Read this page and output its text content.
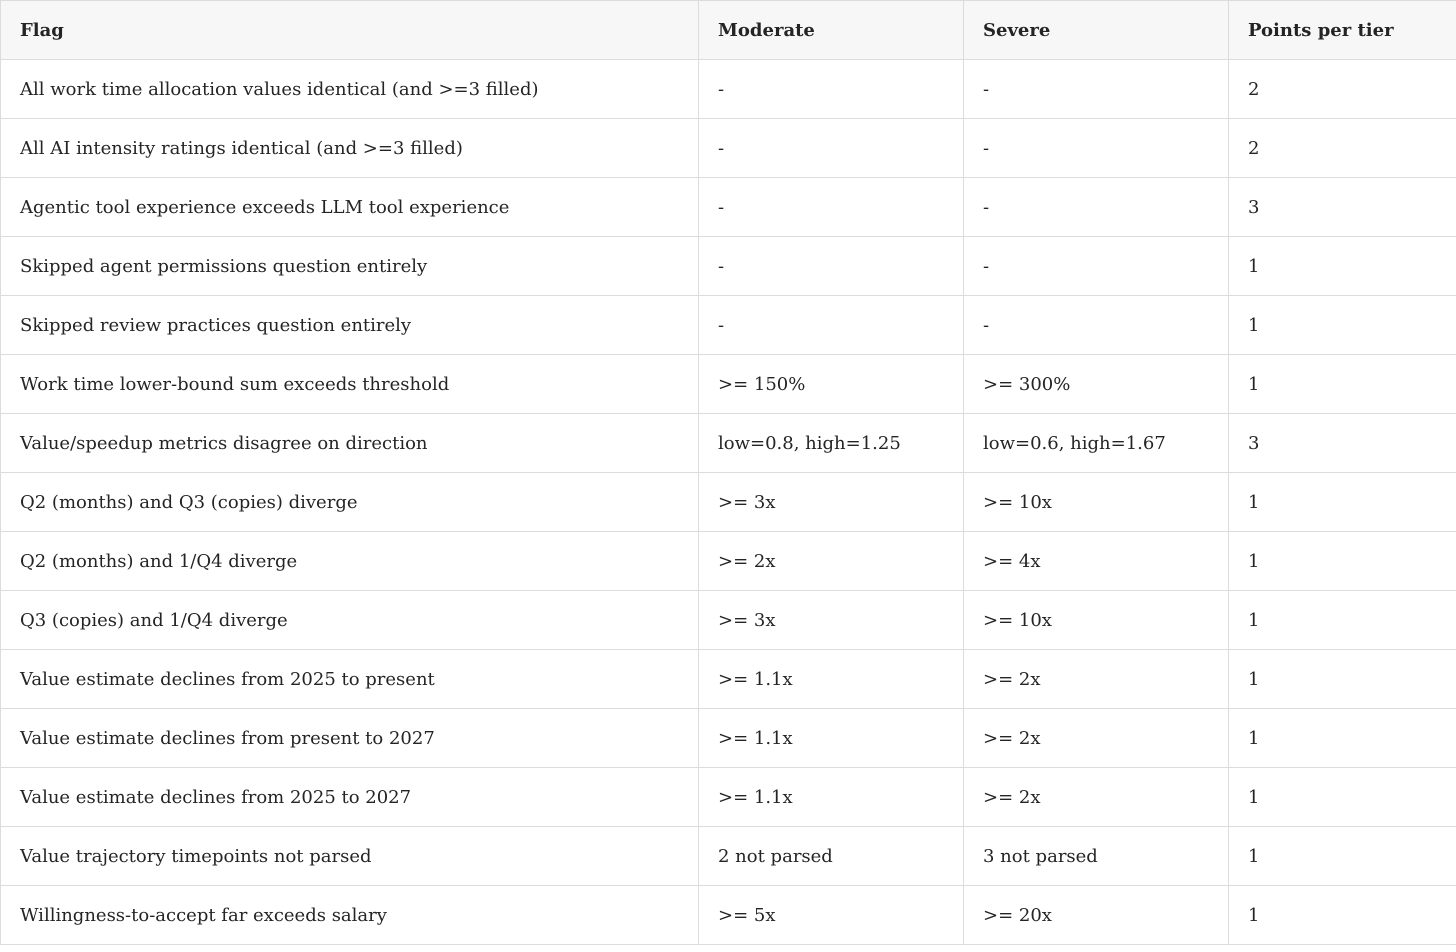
Flag	Moderate	Severe	Points per tier
All work time allocation values identical (and >=3 filled)	-	-	2
All AI intensity ratings identical (and >=3 filled)	-	-	2
Agentic tool experience exceeds LLM tool experience	-	-	3
Skipped agent permissions question entirely	-	-	1
Skipped review practices question entirely	-	-	1
Work time lower-bound sum exceeds threshold	>= 150%	>= 300%	1
Value/speedup metrics disagree on direction	low=0.8, high=1.25	low=0.6, high=1.67	3
Q2 (months) and Q3 (copies) diverge	>= 3x	>= 10x	1
Q2 (months) and 1/Q4 diverge	>= 2x	>= 4x	1
Q3 (copies) and 1/Q4 diverge	>= 3x	>= 10x	1
Value estimate declines from 2025 to present	>= 1.1x	>= 2x	1
Value estimate declines from present to 2027	>= 1.1x	>= 2x	1
Value estimate declines from 2025 to 2027	>= 1.1x	>= 2x	1
Value trajectory timepoints not parsed	2 not parsed	3 not parsed	1
Willingness-to-accept far exceeds salary	>= 5x	>= 20x	1
